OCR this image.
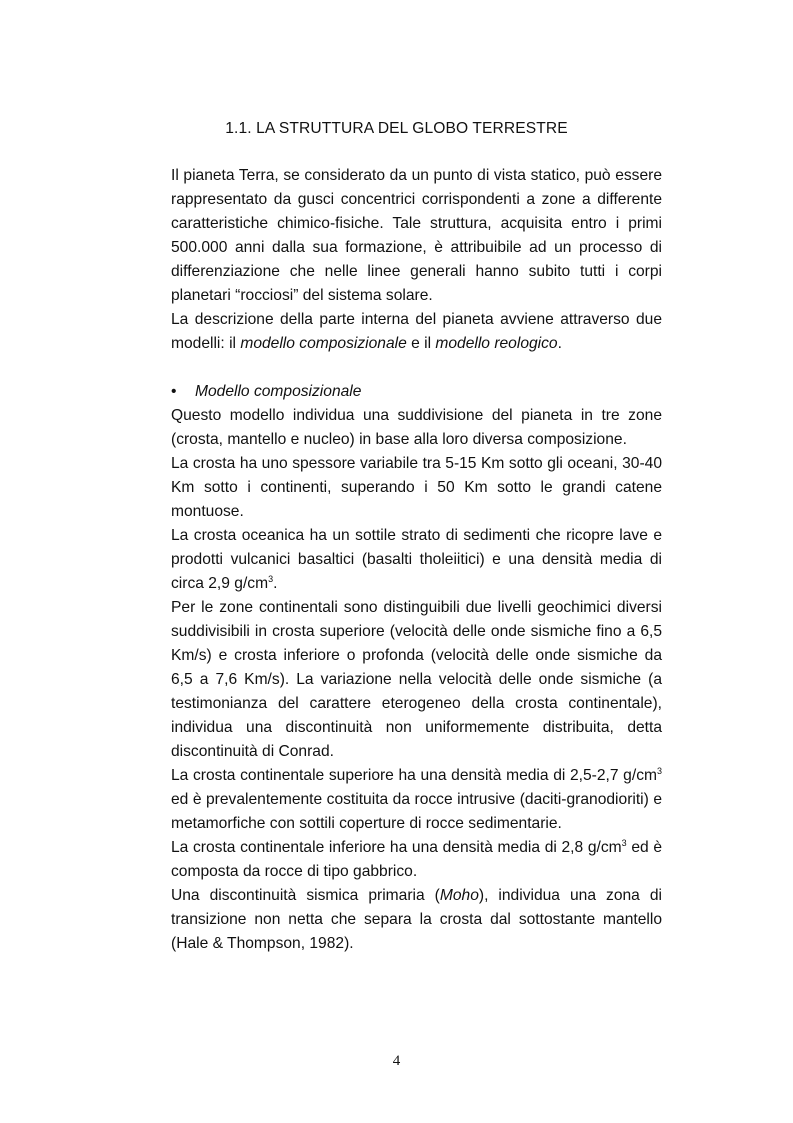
1.1. LA STRUTTURA DEL GLOBO TERRESTRE

Il pianeta Terra, se considerato da un punto di vista statico, può essere rappresentato da gusci concentrici corrispondenti a zone a differente caratteristiche chimico-fisiche. Tale struttura, acquisita entro i primi 500.000 anni dalla sua formazione, è attribuibile ad un processo di differenziazione che nelle linee generali hanno subito tutti i corpi planetari “rocciosi” del sistema solare.

La descrizione della parte interna del pianeta avviene attraverso due modelli: il modello composizionale e il modello reologico.

•	Modello composizionale

Questo modello individua una suddivisione del pianeta in tre zone (crosta, mantello e nucleo) in base alla loro diversa composizione.

La crosta ha uno spessore variabile tra 5-15 Km sotto gli oceani, 30-40 Km sotto i continenti, superando i 50 Km sotto le grandi catene montuose.

La crosta oceanica ha un sottile strato di sedimenti che ricopre lave e prodotti vulcanici basaltici (basalti tholeiitici) e una densità media di circa 2,9 $g/cm^3$.

Per le zone continentali sono distinguibili due livelli geochimici diversi suddivisibili in crosta superiore (velocità delle onde sismiche fino a 6,5 Km/s) e crosta inferiore o profonda (velocità delle onde sismiche da 6,5 a 7,6 Km/s). La variazione nella velocità delle onde sismiche (a testimonianza del carattere eterogeneo della crosta continentale), individua una discontinuità non uniformemente distribuita, detta discontinuità di Conrad.

La crosta continentale superiore ha una densità media di 2,5-2,7 $g/cm^3$ ed è prevalentemente costituita da rocce intrusive (daciti-granodioriti) e metamorfiche con sottili coperture di rocce sedimentarie.

La crosta continentale inferiore ha una densità media di 2,8 $g/cm^3$ ed è composta da rocce di tipo gabbrico.

Una discontinuità sismica primaria (Moho), individua una zona di transizione non netta che separa la crosta dal sottostante mantello (Hale & Thompson, 1982).

4
